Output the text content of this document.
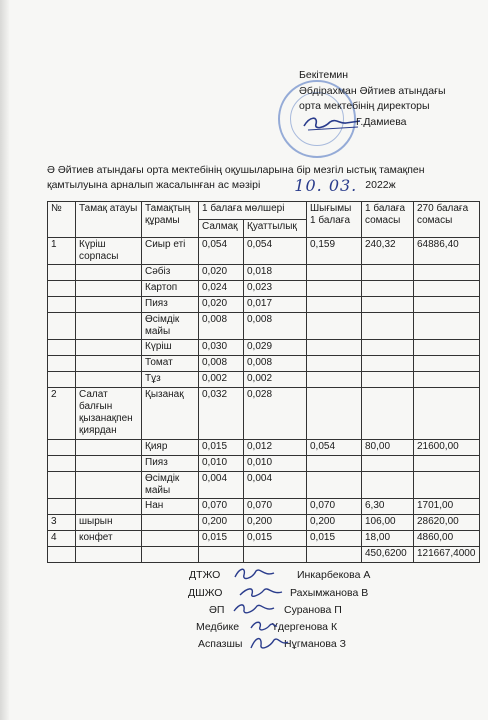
Бекітемин
Әбдірахман Әйтиев атындағы
орта мектебінің директоры
Г.Дамиева
Ә Әйтиев атындағы орта мектебінің оқушыларына бір мезгіл ыстық тамақпен
қамтылуына арналып жасалынған ас мәзірі 10. 03. 2022ж
№	Тамақ атауы	Тамақтың құрамы	1 балаға мөлшері		Шығымы 1 балаға	1 балаға сомасы	270 балаға сомасы
			Салмақ	Қуаттылық			
1	Күріш сорпасы	Сиыр еті	0,054	0,054	0,159	240,32	64886,40
		Сәбіз	0,020	0,018			
		Картоп	0,024	0,023			
		Пияз	0,020	0,017			
		Өсімдік майы	0,008	0,008			
		Күріш	0,030	0,029			
		Томат	0,008	0,008			
		Тұз	0,002	0,002			
2	Салат балғын қызанақпен қиярдан	Қызанақ	0,032	0,028			
		Қияр	0,015	0,012	0,054	80,00	21600,00
		Пияз	0,010	0,010			
		Өсімдік майы	0,004	0,004			
		Нан	0,070	0,070	0,070	6,30	1701,00
3	шырын		0,200	0,200	0,200	106,00	28620,00
4	конфет		0,015	0,015	0,015	18,00	4860,00
						450,6200	121667,4000
ДТЖО	Инкарбекова А
ДШЖО	Рахымжанова В
ӘП	Суранова П
Медбике	Үдергенова К
Аспазшы	Нұгманова З
